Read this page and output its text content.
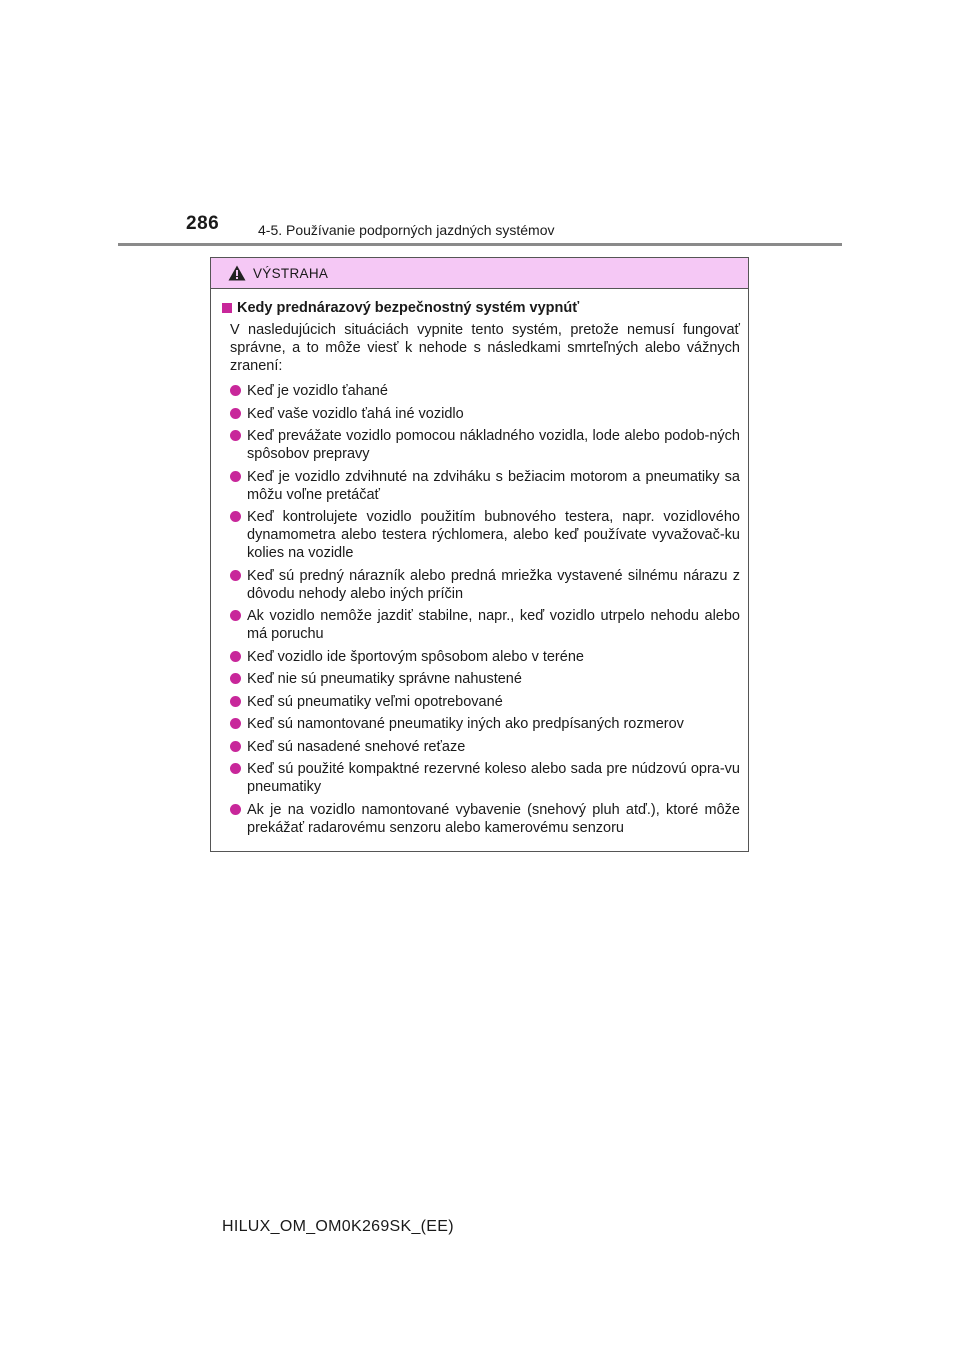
286	4-5. Používanie podporných jazdných systémov
VÝSTRAHA
Kedy prednárazový bezpečnostný systém vypnúť
V nasledujúcich situáciách vypnite tento systém, pretože nemusí fungovať správne, a to môže viesť k nehode s následkami smrteľných alebo vážnych zranení:
Keď je vozidlo ťahané
Keď vaše vozidlo ťahá iné vozidlo
Keď prevážate vozidlo pomocou nákladného vozidla, lode alebo podob-ných spôsobov prepravy
Keď je vozidlo zdvihnuté na zdviháku s bežiacim motorom a pneumatiky sa môžu voľne pretáčať
Keď kontrolujete vozidlo použitím bubnového testera, napr. vozidlového dynamometra alebo testera rýchlomera, alebo keď používate vyvažovač-ku kolies na vozidle
Keď sú predný nárazník alebo predná mriežka vystavené silnému nárazu z dôvodu nehody alebo iných príčin
Ak vozidlo nemôže jazdiť stabilne, napr., keď vozidlo utrpelo nehodu alebo má poruchu
Keď vozidlo ide športovým spôsobom alebo v teréne
Keď nie sú pneumatiky správne nahustené
Keď sú pneumatiky veľmi opotrebované
Keď sú namontované pneumatiky iných ako predpísaných rozmerov
Keď sú nasadené snehové reťaze
Keď sú použité kompaktné rezervné koleso alebo sada pre núdzovú opra-vu pneumatiky
Ak je na vozidlo namontované vybavenie (snehový pluh atď.), ktoré môže prekážať radarovému senzoru alebo kamerovému senzoru
HILUX_OM_OM0K269SK_(EE)
